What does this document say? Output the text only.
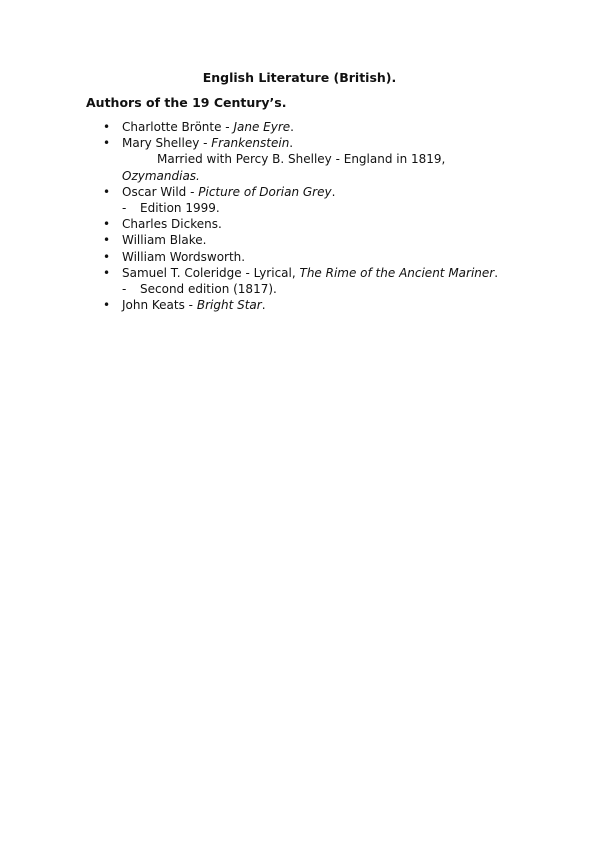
English Literature (British).
Authors of the 19 Century’s.
• Charlotte Brönte - Jane Eyre.
• Mary Shelley - Frankenstein.
Married with Percy B. Shelley - England in 1819,
Ozymandias.
• Oscar Wild - Picture of Dorian Grey.
- Edition 1999.
• Charles Dickens.
• William Blake.
• William Wordsworth.
• Samuel T. Coleridge - Lyrical, The Rime of the Ancient Mariner.
- Second edition (1817).
• John Keats - Bright Star.
